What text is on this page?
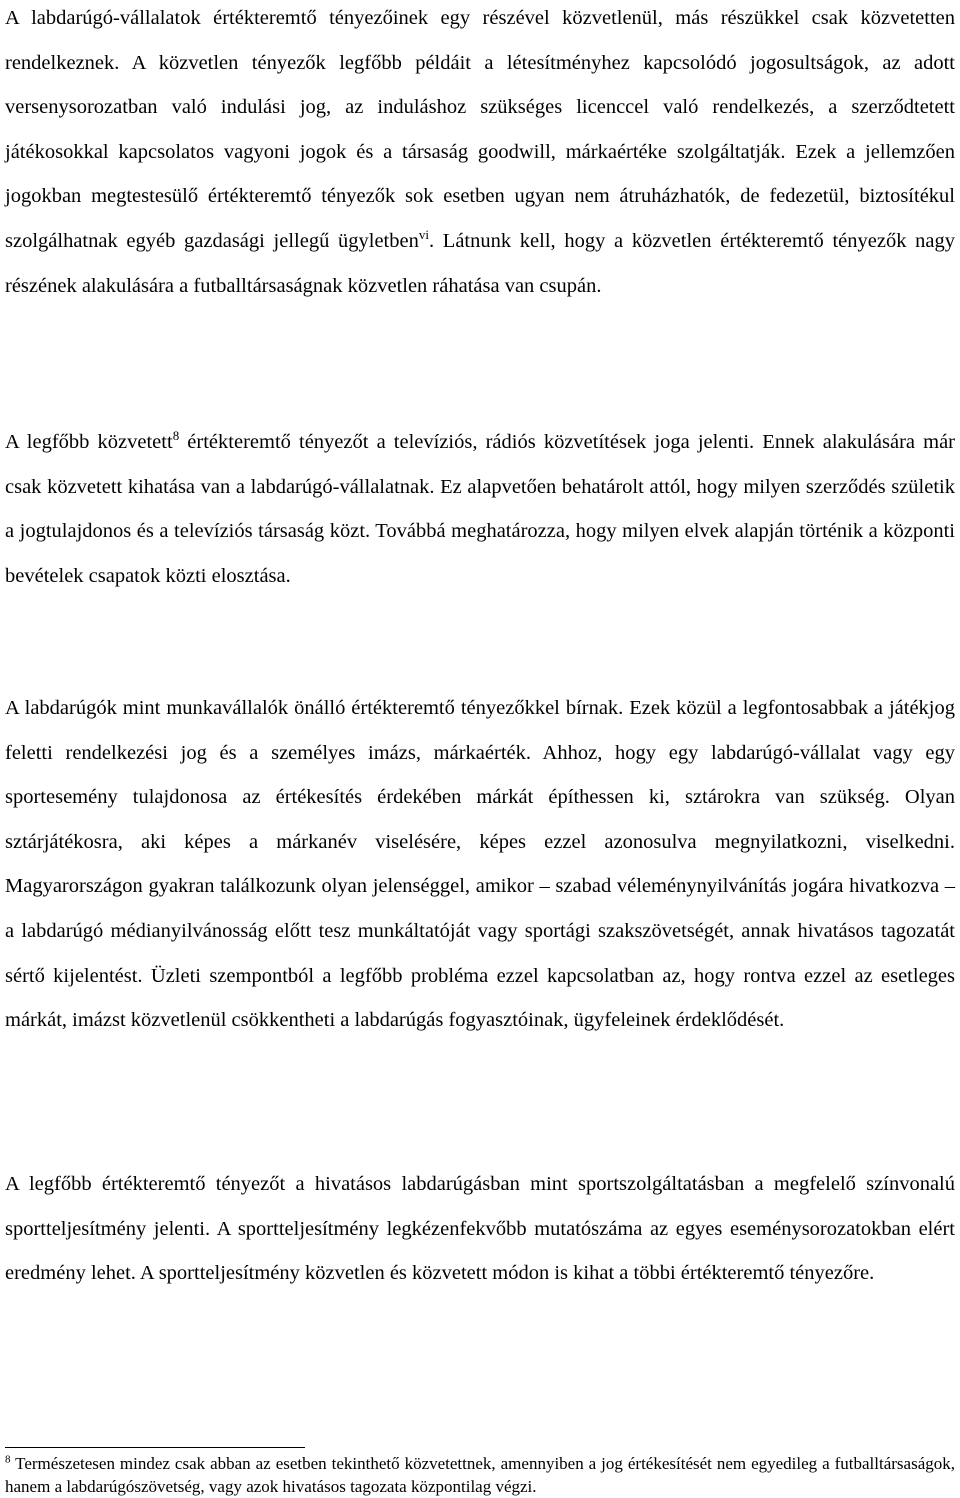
A labdarúgó-vállalatok értékteremtő tényezőinek egy részével közvetlenül, más részükkel csak közvetetten rendelkeznek. A közvetlen tényezők legfőbb példáit a létesítményhez kapcsolódó jogosultságok, az adott versenysorozatban való indulási jog, az induláshoz szükséges licenccel való rendelkezés, a szerződtetett játékosokkal kapcsolatos vagyoni jogok és a társaság goodwill, márkaértéke szolgáltatják. Ezek a jellemzően jogokban megtestesülő értékteremtő tényezők sok esetben ugyan nem átruházhatók, de fedezetül, biztosítékul szolgálhatnak egyéb gazdasági jellegű ügyletben$^{vi}$. Látnunk kell, hogy a közvetlen értékteremtő tényezők nagy részének alakulására a futballtársaságnak közvetlen ráhatása van csupán.

A legfőbb közvetett$^8$ értékteremtő tényezőt a televíziós, rádiós közvetítések joga jelenti. Ennek alakulására már csak közvetett kihatása van a labdarúgó-vállalatnak. Ez alapvetően behatárolt attól, hogy milyen szerződés születik a jogtulajdonos és a televíziós társaság közt. Továbbá meghatározza, hogy milyen elvek alapján történik a központi bevételek csapatok közti elosztása.

A labdarúgók mint munkavállalók önálló értékteremtő tényezőkkel bírnak. Ezek közül a legfontosabbak a játékjog feletti rendelkezési jog és a személyes imázs, márkaérték. Ahhoz, hogy egy labdarúgó-vállalat vagy egy sportesemény tulajdonosa az értékesítés érdekében márkát építhessen ki, sztárokra van szükség. Olyan sztárjátékosra, aki képes a márkanév viselésére, képes ezzel azonosulva megnyilatkozni, viselkedni. Magyarországon gyakran találkozunk olyan jelenséggel, amikor – szabad véleménynyilvánítás jogára hivatkozva – a labdarúgó médianyilvánosság előtt tesz munkáltatóját vagy sportági szakszövetségét, annak hivatásos tagozatát sértő kijelentést. Üzleti szempontból a legfőbb probléma ezzel kapcsolatban az, hogy rontva ezzel az esetleges márkát, imázst közvetlenül csökkentheti a labdarúgás fogyasztóinak, ügyfeleinek érdeklődését.

A legfőbb értékteremtő tényezőt a hivatásos labdarúgásban mint sportszolgáltatásban a megfelelő színvonalú sportteljesítmény jelenti. A sportteljesítmény legkézenfekvőbb mutatószáma az egyes eseménysorozatokban elért eredmény lehet. A sportteljesítmény közvetlen és közvetett módon is kihat a többi értékteremtő tényezőre.

$^8$ Természetesen mindez csak abban az esetben tekinthető közvetettnek, amennyiben a jog értékesítését nem egyedileg a futballtársaságok, hanem a labdarúgószövetség, vagy azok hivatásos tagozata központilag végzi.
